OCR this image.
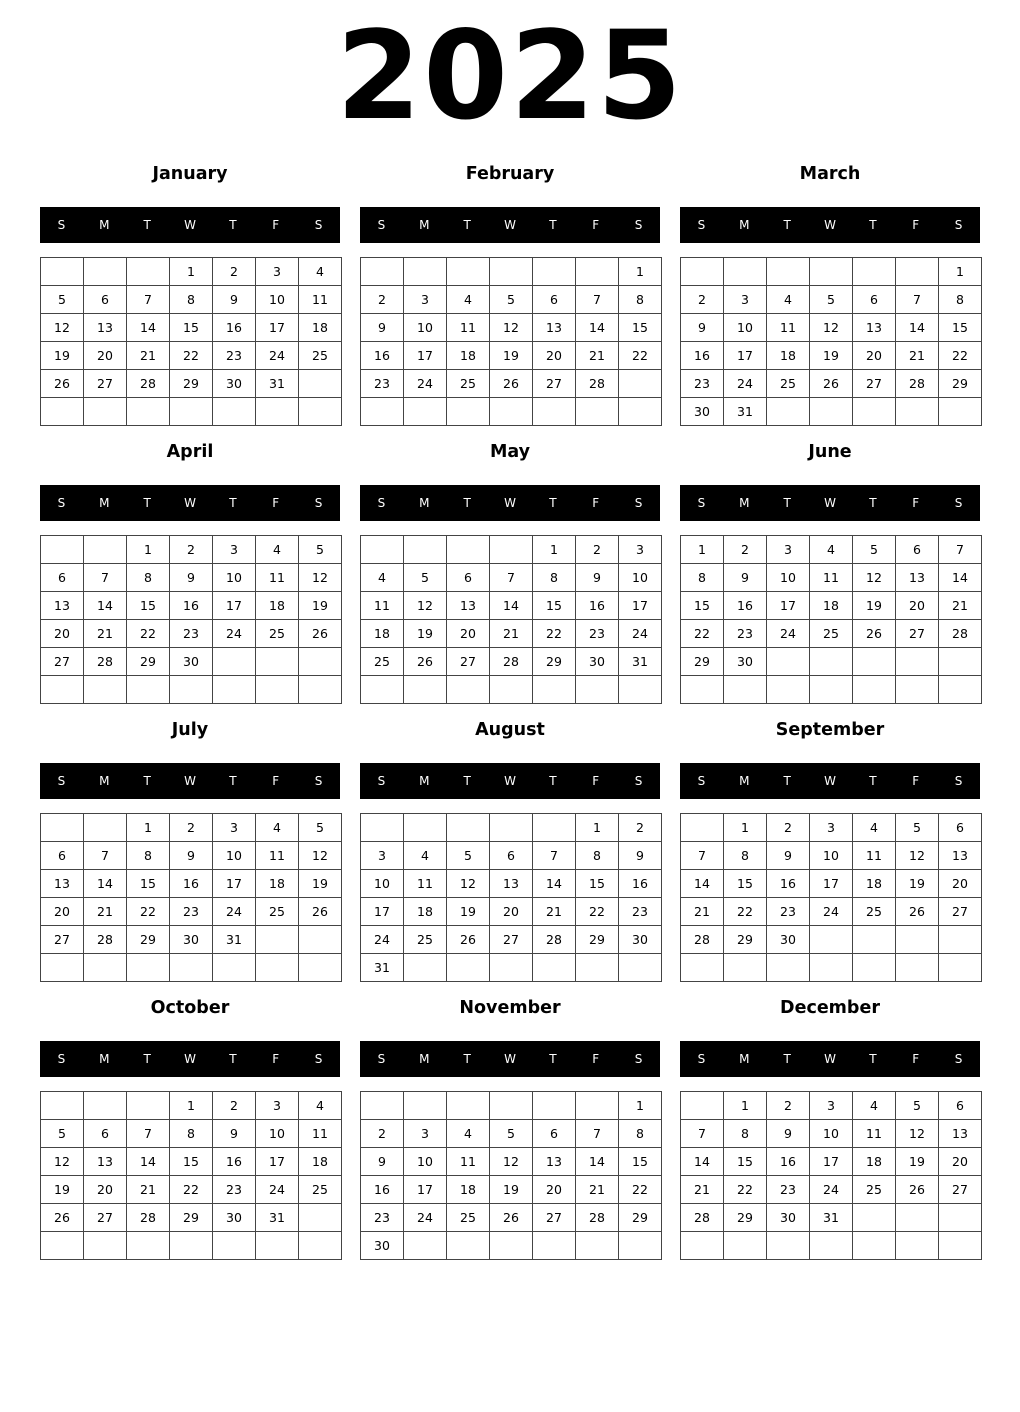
2025
January
S	M	T	W	T	F	S
			1	2	3	4
5	6	7	8	9	10	11
12	13	14	15	16	17	18
19	20	21	22	23	24	25
26	27	28	29	30	31	

February
S	M	T	W	T	F	S
						1
2	3	4	5	6	7	8
9	10	11	12	13	14	15
16	17	18	19	20	21	22
23	24	25	26	27	28	

March
S	M	T	W	T	F	S
						1
2	3	4	5	6	7	8
9	10	11	12	13	14	15
16	17	18	19	20	21	22
23	24	25	26	27	28	29
30	31					
April
S	M	T	W	T	F	S
		1	2	3	4	5
6	7	8	9	10	11	12
13	14	15	16	17	18	19
20	21	22	23	24	25	26
27	28	29	30			

May
S	M	T	W	T	F	S
				1	2	3
4	5	6	7	8	9	10
11	12	13	14	15	16	17
18	19	20	21	22	23	24
25	26	27	28	29	30	31

June
S	M	T	W	T	F	S
1	2	3	4	5	6	7
8	9	10	11	12	13	14
15	16	17	18	19	20	21
22	23	24	25	26	27	28
29	30					

July
S	M	T	W	T	F	S
		1	2	3	4	5
6	7	8	9	10	11	12
13	14	15	16	17	18	19
20	21	22	23	24	25	26
27	28	29	30	31		

August
S	M	T	W	T	F	S
					1	2
3	4	5	6	7	8	9
10	11	12	13	14	15	16
17	18	19	20	21	22	23
24	25	26	27	28	29	30
31						
September
S	M	T	W	T	F	S
	1	2	3	4	5	6
7	8	9	10	11	12	13
14	15	16	17	18	19	20
21	22	23	24	25	26	27
28	29	30				

October
S	M	T	W	T	F	S
			1	2	3	4
5	6	7	8	9	10	11
12	13	14	15	16	17	18
19	20	21	22	23	24	25
26	27	28	29	30	31	

November
S	M	T	W	T	F	S
						1
2	3	4	5	6	7	8
9	10	11	12	13	14	15
16	17	18	19	20	21	22
23	24	25	26	27	28	29
30						
December
S	M	T	W	T	F	S
	1	2	3	4	5	6
7	8	9	10	11	12	13
14	15	16	17	18	19	20
21	22	23	24	25	26	27
28	29	30	31			
